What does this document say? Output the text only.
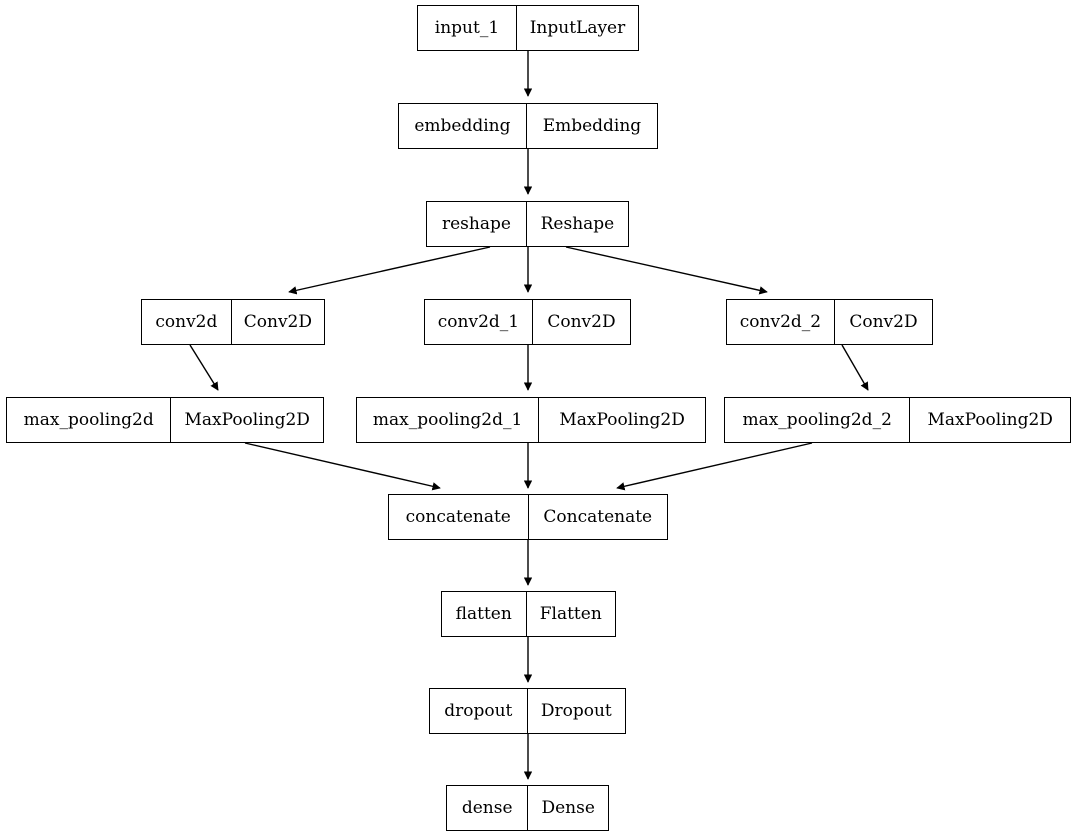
input_1	InputLayer
embedding	Embedding
reshape	Reshape
conv2d	Conv2D	conv2d_1	Conv2D	conv2d_2	Conv2D
max_pooling2d	MaxPooling2D	max_pooling2d_1	MaxPooling2D	max_pooling2d_2	MaxPooling2D
concatenate	Concatenate
flatten	Flatten
dropout	Dropout
dense	Dense
